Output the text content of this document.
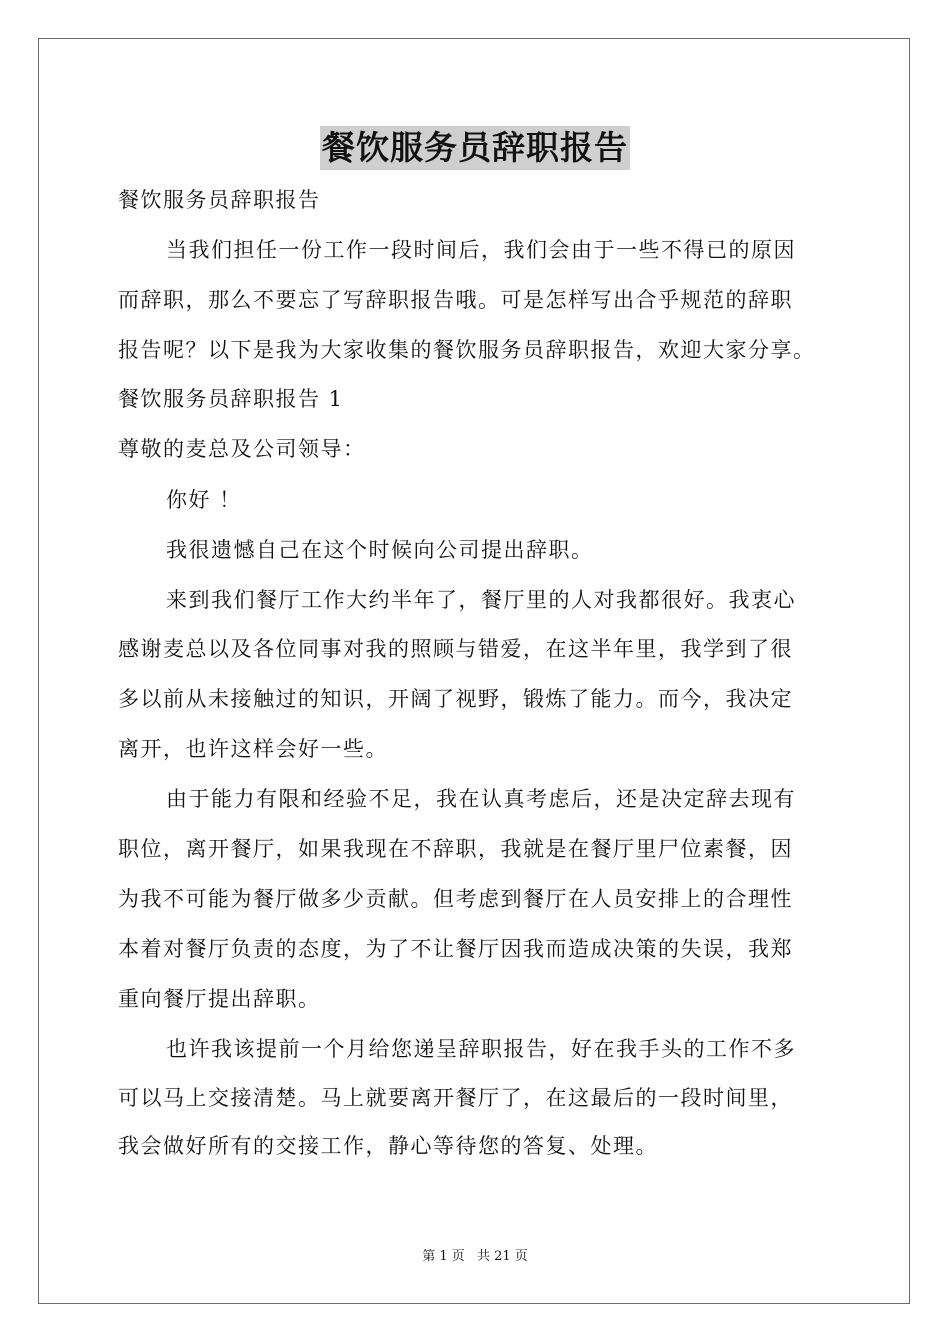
餐饮服务员辞职报告
餐饮服务员辞职报告
当我们担任一份工作一段时间后，我们会由于一些不得已的原因
而辞职，那么不要忘了写辞职报告哦。可是怎样写出合乎规范的辞职
报告呢？以下是我为大家收集的餐饮服务员辞职报告，欢迎大家分享。
餐饮服务员辞职报告 1
尊敬的麦总及公司领导：
你好 ！
我很遗憾自己在这个时候向公司提出辞职。
来到我们餐厅工作大约半年了，餐厅里的人对我都很好。我衷心
感谢麦总以及各位同事对我的照顾与错爱，在这半年里，我学到了很
多以前从未接触过的知识，开阔了视野，锻炼了能力。而今，我决定
离开，也许这样会好一些。
由于能力有限和经验不足，我在认真考虑后，还是决定辞去现有
职位，离开餐厅，如果我现在不辞职，我就是在餐厅里尸位素餐，因
为我不可能为餐厅做多少贡献。但考虑到餐厅在人员安排上的合理性
本着对餐厅负责的态度，为了不让餐厅因我而造成决策的失误，我郑
重向餐厅提出辞职。
也许我该提前一个月给您递呈辞职报告，好在我手头的工作不多
可以马上交接清楚。马上就要离开餐厅了，在这最后的一段时间里，
我会做好所有的交接工作，静心等待您的答复、处理。
第 1 页 共 21 页
